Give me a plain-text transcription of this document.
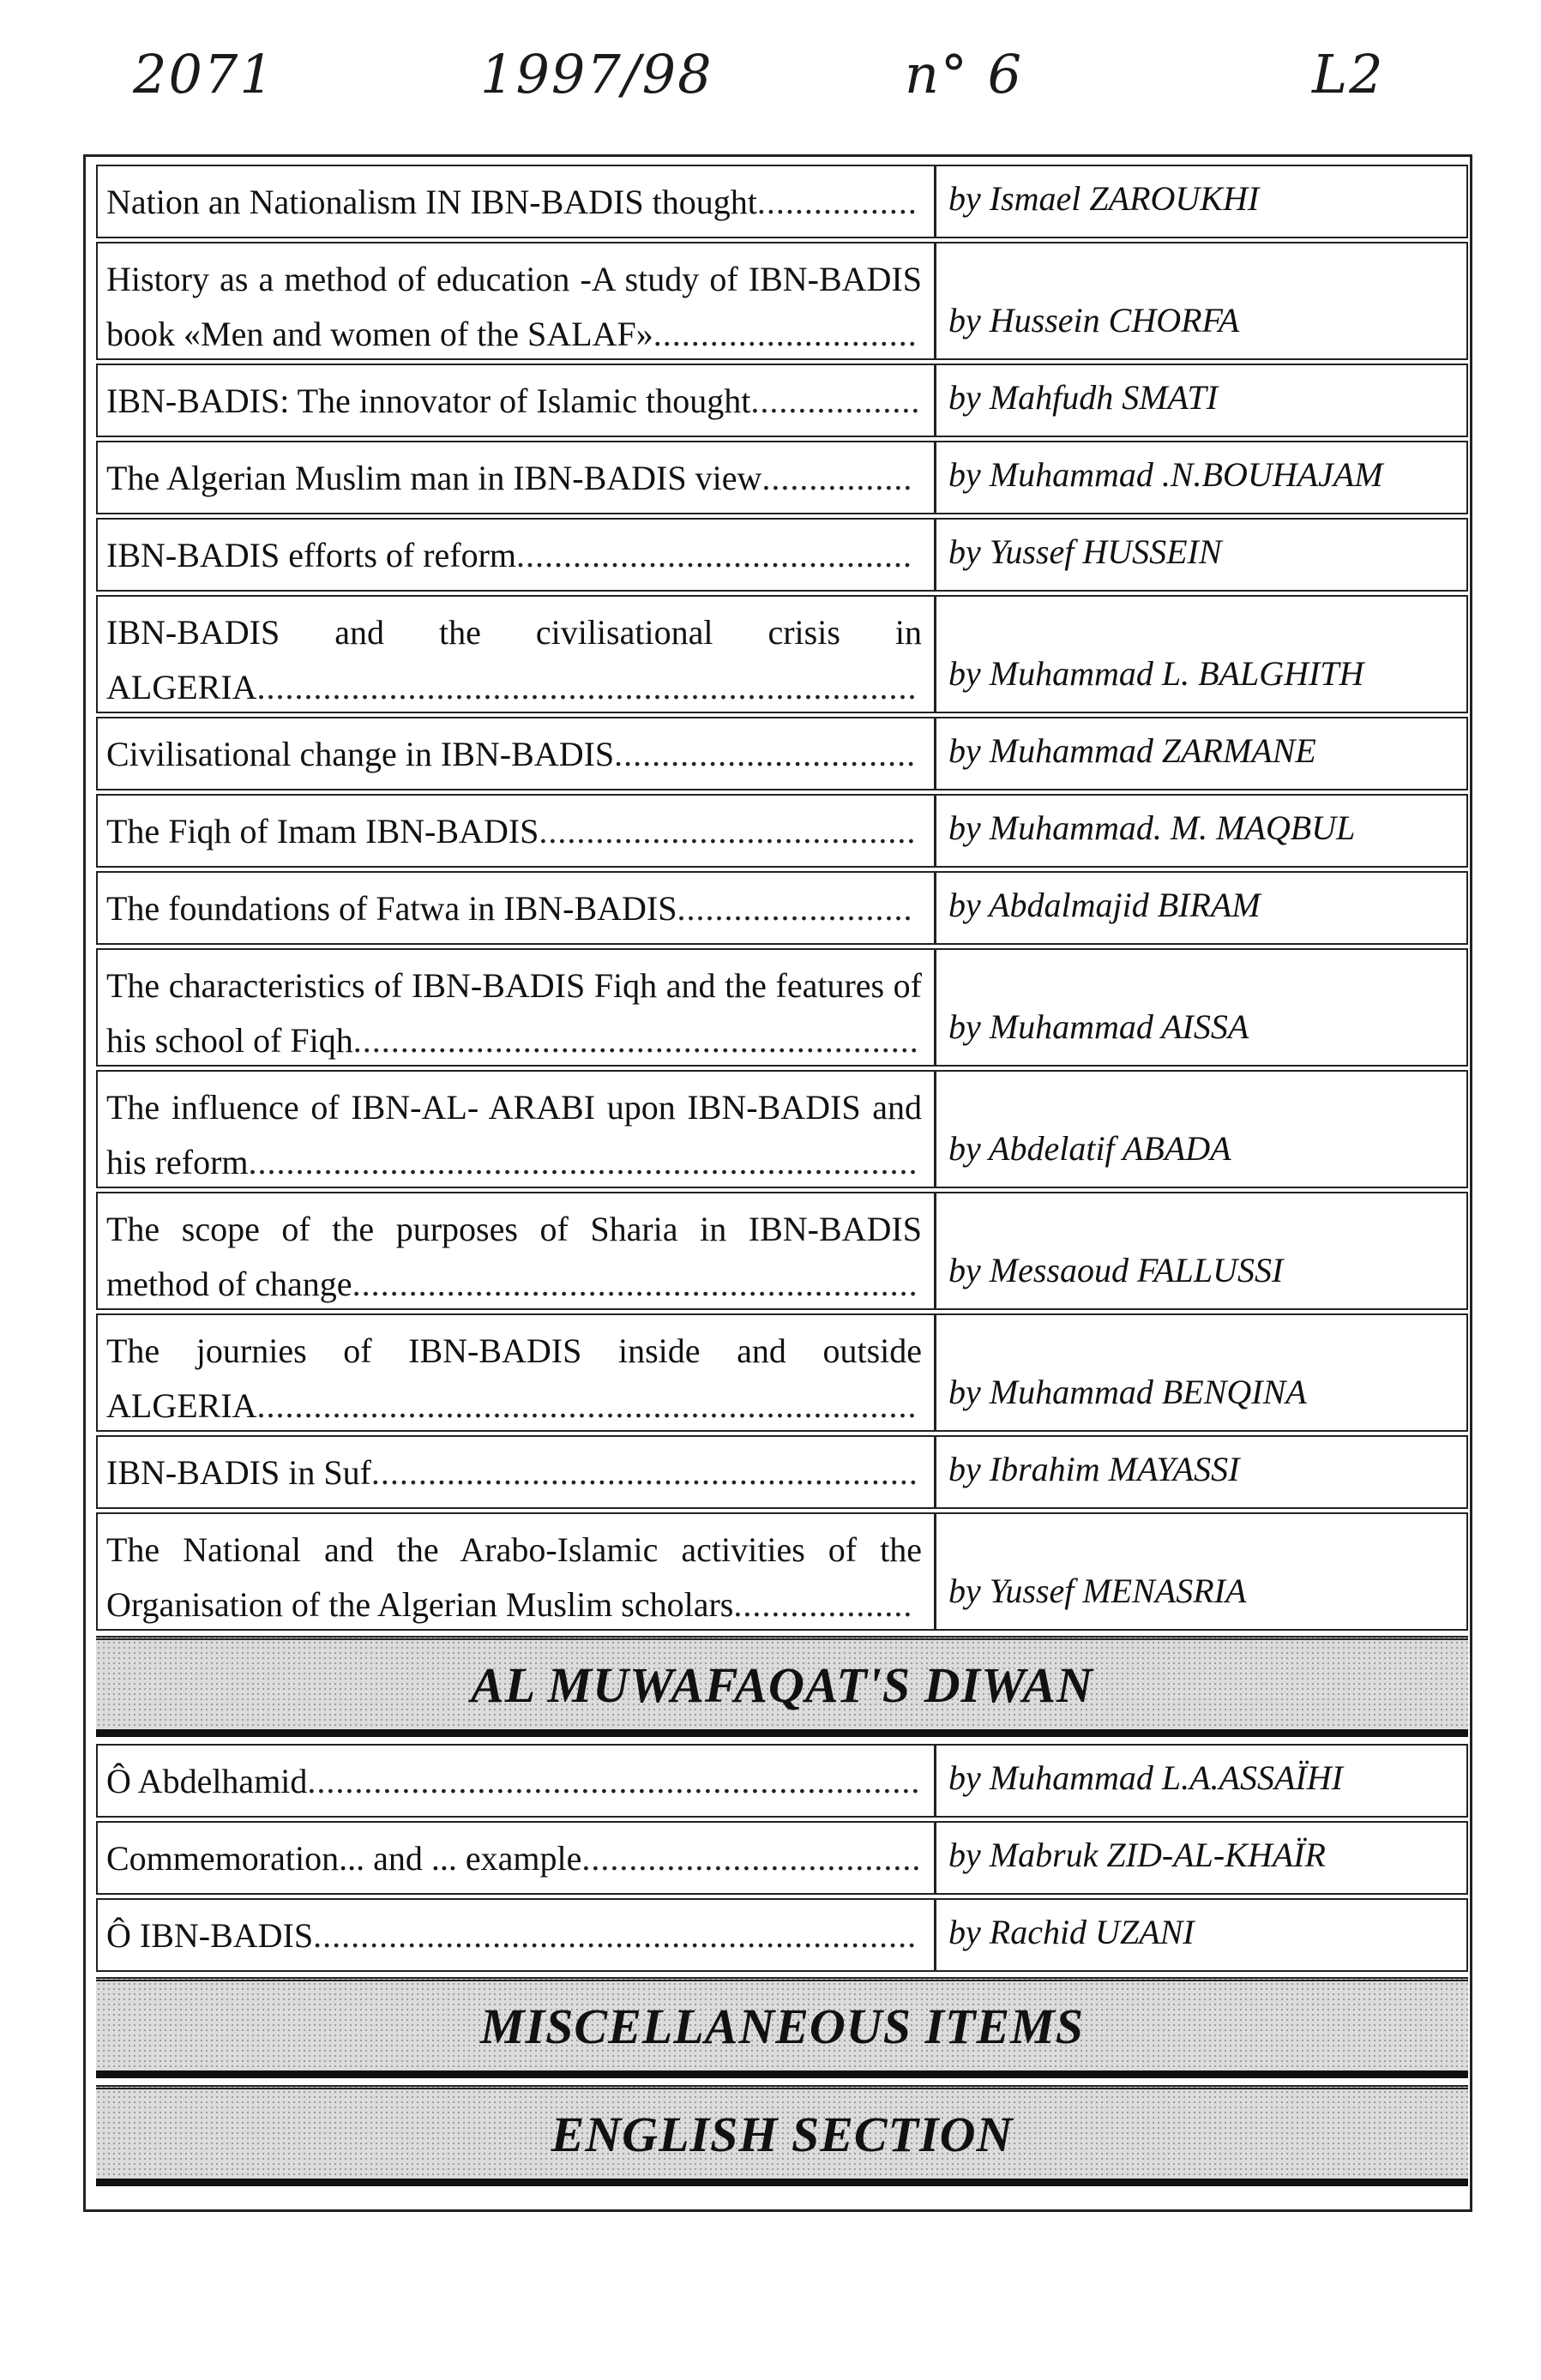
2071	1997/98	n° 6	L2
Nation an Nationalism IN IBN-BADIS thought................. by Ismael ZAROUKHI
History as a method of education -A study of IBN-BADIS book «Men and women of the SALAF»............................ by Hussein CHORFA
IBN-BADIS: The innovator of Islamic thought.................. by Mahfudh SMATI
The Algerian Muslim man in IBN-BADIS view................	by Muhammad .N.BOUHAJAM
IBN-BADIS efforts of reform..........................................	by Yussef HUSSEIN
IBN-BADIS and the civilisational crisis in ALGERIA...................................................................... by Muhammad L. BALGHITH
Civilisational change in IBN-BADIS................................ by Muhammad ZARMANE
The Fiqh of Imam IBN-BADIS........................................ by Muhammad. M. MAQBUL
The foundations of Fatwa in IBN-BADIS.........................	by Abdalmajid BIRAM
The characteristics of IBN-BADIS Fiqh and the features of his school of Fiqh............................................................ by Muhammad AISSA
The influence of IBN-AL- ARABI upon IBN-BADIS and his reform....................................................................... by Abdelatif ABADA
The scope of the purposes of Sharia in IBN-BADIS method of change............................................................ by Messaoud FALLUSSI
The journies of IBN-BADIS inside and outside ALGERIA...................................................................... by Muhammad BENQINA
IBN-BADIS in Suf.......................................................... by Ibrahim MAYASSI
The National and the Arabo-Islamic activities of the Organisation of the Algerian Muslim scholars...................	by Yussef MENASRIA
AL MUWAFAQAT'S DIWAN
Ô Abdelhamid................................................................. by Muhammad L.A.ASSAÏHI
Commemoration... and ... example.................................... by Mabruk ZID-AL-KHAÏR
Ô IBN-BADIS................................................................ by Rachid UZANI
MISCELLANEOUS ITEMS
ENGLISH SECTION
